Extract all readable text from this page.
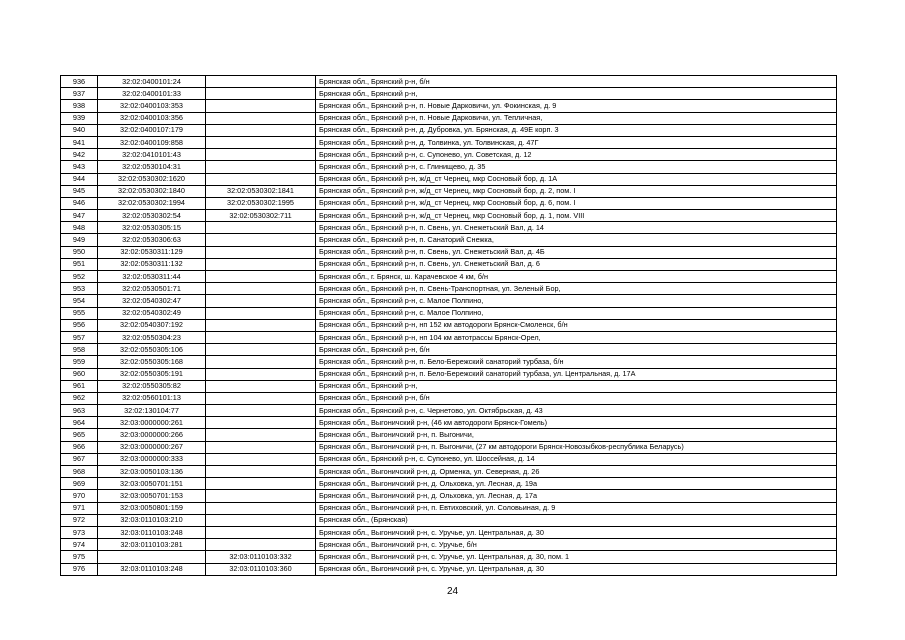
936	32:02:0400101:24		Брянская обл., Брянский р-н, б/н
937	32:02:0400101:33		Брянская обл., Брянский р-н,
938	32:02:0400103:353		Брянская обл., Брянский р-н, п. Новые Дарковичи, ул. Фокинская, д. 9
939	32:02:0400103:356		Брянская обл., Брянский р-н, п. Новые Дарковичи, ул. Тепличная,
940	32:02:0400107:179		Брянская обл., Брянский р-н, д. Дубровка, ул. Брянская, д. 49Е корп. 3
941	32:02:0400109:858		Брянская обл., Брянский р-н, д. Толвинка, ул. Толвинская, д. 47Г
942	32:02:0410101:43		Брянская обл., Брянский р-н, с. Супонево, ул. Советская, д. 12
943	32:02:0530104:31		Брянская обл., Брянский р-н, с. Глинищево, д. 35
944	32:02:0530302:1620		Брянская обл., Брянский р-н, ж/д_ст Чернец, мкр Сосновый бор, д. 1А
945	32:02:0530302:1840	32:02:0530302:1841	Брянская обл., Брянский р-н, ж/д_ст Чернец, мкр Сосновый бор, д. 2, пом. I
946	32:02:0530302:1994	32:02:0530302:1995	Брянская обл., Брянский р-н, ж/д_ст Чернец, мкр Сосновый бор, д. 6, пом. I
947	32:02:0530302:54	32:02:0530302:711	Брянская обл., Брянский р-н, ж/д_ст Чернец, мкр Сосновый бор, д. 1, пом. VIII
948	32:02:0530305:15		Брянская обл., Брянский р-н, п. Свень, ул. Снежетьский Вал, д. 14
949	32:02:0530306:63		Брянская обл., Брянский р-н, п. Санаторий Снежка,
950	32:02:0530311:129		Брянская обл., Брянский р-н, п. Свень, ул. Снежетьский Вал, д. 4Б
951	32:02:0530311:132		Брянская обл., Брянский р-н, п. Свень, ул. Снежетьский Вал, д. 6
952	32:02:0530311:44		Брянская обл., г. Брянск, ш. Карачевское 4 км, б/н
953	32:02:0530501:71		Брянская обл., Брянский р-н, п. Свень-Транспортная, ул. Зеленый Бор,
954	32:02:0540302:47		Брянская обл., Брянский р-н, с. Малое Полпино,
955	32:02:0540302:49		Брянская обл., Брянский р-н, с. Малое Полпино,
956	32:02:0540307:192		Брянская обл., Брянский р-н, нп 152 км автодороги Брянск-Смоленск, б/н
957	32:02:0550304:23		Брянская обл., Брянский р-н, нп 104 км автотрассы Брянск-Орел,
958	32:02:0550305:106		Брянская обл., Брянский р-н, б/н
959	32:02:0550305:168		Брянская обл., Брянский р-н, п. Бело-Бережский санаторий турбаза, б/н
960	32:02:0550305:191		Брянская обл., Брянский р-н, п. Бело-Бережский санаторий турбаза, ул. Центральная, д. 17А
961	32:02:0550305:82		Брянская обл., Брянский р-н,
962	32:02:0560101:13		Брянская обл., Брянский р-н, б/н
963	32:02:130104:77		Брянская обл., Брянский р-н, с. Чернетово, ул. Октябрьская, д. 43
964	32:03:0000000:261		Брянская обл., Выгоничский р-н, (46 км автодороги Брянск-Гомель)
965	32:03:0000000:266		Брянская обл., Выгоничский р-н, п. Выгоничи,
966	32:03:0000000:267		Брянская обл., Выгоничский р-н, п. Выгоничи, (27 км автодороги Брянск-Новозыбков-республика Беларусь)
967	32:03:0000000:333		Брянская обл., Брянский р-н, с. Супонево, ул. Шоссейная, д. 14
968	32:03:0050103:136		Брянская обл., Выгоничский р-н, д. Орменка, ул. Северная, д. 26
969	32:03:0050701:151		Брянская обл., Выгоничский р-н, д. Ольховка, ул. Лесная, д. 19а
970	32:03:0050701:153		Брянская обл., Выгоничский р-н, д. Ольховка, ул. Лесная, д. 17а
971	32:03:0050801:159		Брянская обл., Выгоничский р-н, п. Евтиховский, ул. Соловьиная, д. 9
972	32:03:0110103:210		Брянская обл., (Брянская)
973	32:03:0110103:248		Брянская обл., Выгоничский р-н, с. Уручье, ул. Центральная, д. 30
974	32:03:0110103:281		Брянская обл., Выгоничский р-н, с. Уручье, б/н
975		32:03:0110103:332	Брянская обл., Выгоничский р-н, с. Уручье, ул. Центральная, д. 30, пом. 1
976	32:03:0110103:248	32:03:0110103:360	Брянская обл., Выгоничский р-н, с. Уручье, ул. Центральная, д. 30
24
